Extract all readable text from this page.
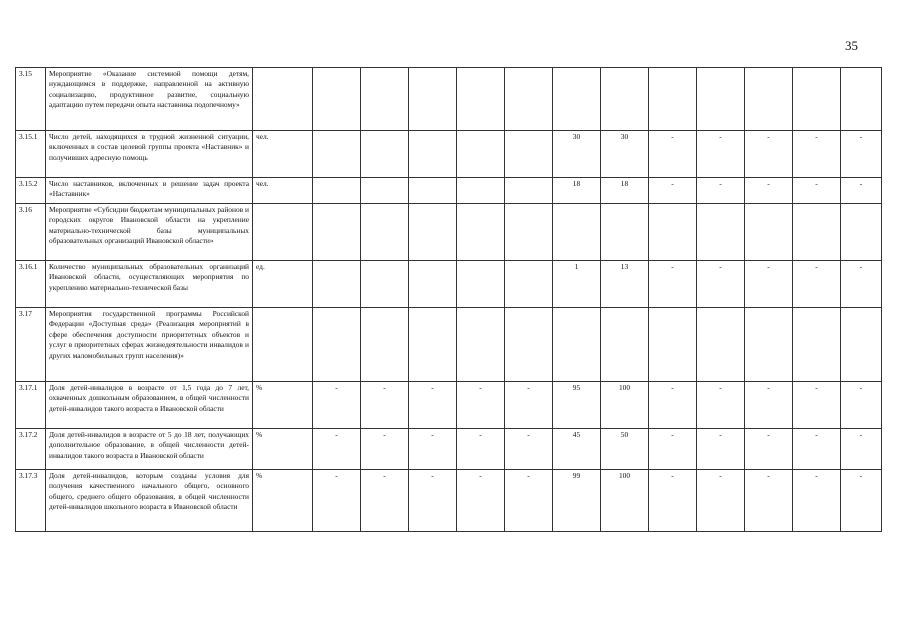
35
3.15	Мероприятие «Оказание системной помощи детям, нуждающимся в поддержке, направленной на активную социализацию, продуктивное развитие, социальную адаптацию путем передачи опыта наставника подопечному»													
3.15.1	Число детей, находящихся в трудной жизненной ситуации, включенных в состав целевой группы проекта «Наставник» и получивших адресную помощь	чел.						30	30	-	-	-	-	-
3.15.2	Число наставников, включенных в решение задач проекта «Наставник»	чел.						18	18	-	-	-	-	-
3.16	Мероприятие «Субсидии бюджетам муниципальных районов и городских округов Ивановской области на укрепление материально-технической базы муниципальных образовательных организаций Ивановской области»													
3.16.1	Количество муниципальных образовательных организаций Ивановской области, осуществляющих мероприятия по укреплению материально-технической базы	ед.						1	13	-	-	-	-	-
3.17	Мероприятия государственной программы Российской Федерации «Доступная среда» (Реализация мероприятий в сфере обеспечения доступности приоритетных объектов и услуг в приоритетных сферах жизнедеятельности инвалидов и других маломобильных групп населения)»													
3.17.1	Доля детей-инвалидов в возрасте от 1,5 года до 7 лет, охваченных дошкольным образованием, в общей численности детей-инвалидов такого возраста в Ивановской области	%	-	-	-	-	-	95	100	-	-	-	-	-
3.17.2	Доля детей-инвалидов в возрасте от 5 до 18 лет, получающих дополнительное образование, в общей численности детей-инвалидов такого возраста в Ивановской области	%	-	-	-	-	-	45	50	-	-	-	-	-
3.17.3	Доля детей-инвалидов, которым созданы условия для получения качественного начального общего, основного общего, среднего общего образования, в общей численности детей-инвалидов школьного возраста в Ивановской области	%	-	-	-	-	-	99	100	-	-	-	-	-
